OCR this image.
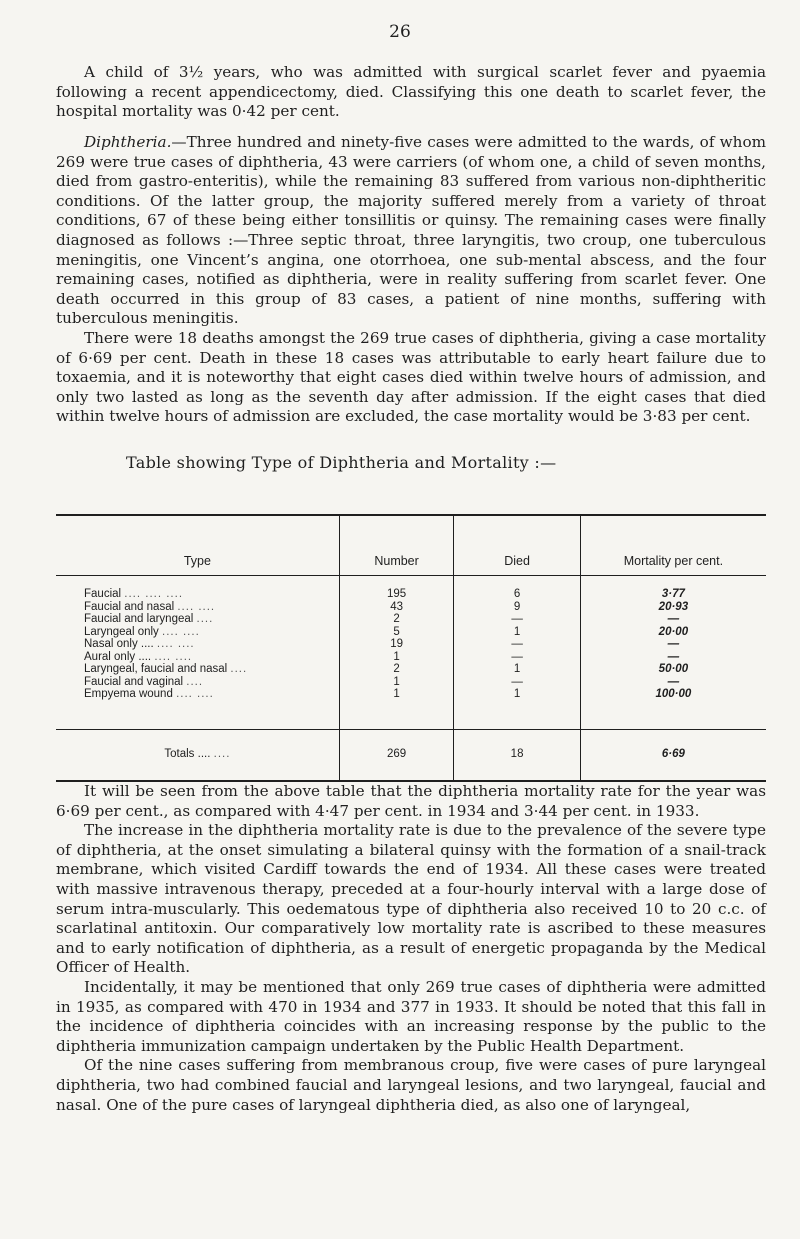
26

A child of 3½ years, who was admitted with surgical scarlet fever and pyaemia following a recent appendicectomy, died. Classifying this one death to scarlet fever, the hospital mortality was 0·42 per cent.

Diphtheria.—Three hundred and ninety-five cases were admitted to the wards, of whom 269 were true cases of diphtheria, 43 were carriers (of whom one, a child of seven months, died from gastro-enteritis), while the remaining 83 suffered from various non-diphtheritic conditions. Of the latter group, the majority suffered merely from a variety of throat conditions, 67 of these being either tonsillitis or quinsy. The remaining cases were finally diagnosed as follows :—Three septic throat, three laryngitis, two croup, one tuberculous meningitis, one Vincent’s angina, one otorrhoea, one sub-mental abscess, and the four remaining cases, notified as diphtheria, were in reality suffering from scarlet fever. One death occurred in this group of 83 cases, a patient of nine months, suffering with tuberculous meningitis.

There were 18 deaths amongst the 269 true cases of diphtheria, giving a case mortality of 6·69 per cent. Death in these 18 cases was attributable to early heart failure due to toxaemia, and it is noteworthy that eight cases died within twelve hours of admission, and only two lasted as long as the seventh day after admission. If the eight cases that died within twelve hours of admission are excluded, the case mortality would be 3·83 per cent.

Table showing Type of Diphtheria and Mortality :—
Type	Number	Died	Mortality per cent.

Faucial .... .... ....	195	6	3·77
Faucial and nasal .... ....	43	9	20·93
Faucial and laryngeal ....	2	—	—
Laryngeal only .... ....	5	1	20·00
Nasal only .... .... ....	19	—	—
Aural only .... .... ....	1	—	—
Laryngeal, faucial and nasal ....	2	1	50·00
Faucial and vaginal ....	1	—	—
Empyema wound .... ....	1	1	100·00

Totals .... ....	269	18	6·69

It will be seen from the above table that the diphtheria mortality rate for the year was 6·69 per cent., as compared with 4·47 per cent. in 1934 and 3·44 per cent. in 1933.

The increase in the diphtheria mortality rate is due to the prevalence of the severe type of diphtheria, at the onset simulating a bilateral quinsy with the formation of a snail-track membrane, which visited Cardiff towards the end of 1934. All these cases were treated with massive intravenous therapy, preceded at a four-hourly interval with a large dose of serum intra-muscularly. This oedematous type of diphtheria also received 10 to 20 c.c. of scarlatinal antitoxin. Our comparatively low mortality rate is ascribed to these measures and to early notification of diphtheria, as a result of energetic propaganda by the Medical Officer of Health.

Incidentally, it may be mentioned that only 269 true cases of diphtheria were admitted in 1935, as compared with 470 in 1934 and 377 in 1933. It should be noted that this fall in the incidence of diphtheria coincides with an increasing response by the public to the diphtheria immunization campaign undertaken by the Public Health Department.

Of the nine cases suffering from membranous croup, five were cases of pure laryngeal diphtheria, two had combined faucial and laryngeal lesions, and two laryngeal, faucial and nasal. One of the pure cases of laryngeal diphtheria died, as also one of laryngeal,
